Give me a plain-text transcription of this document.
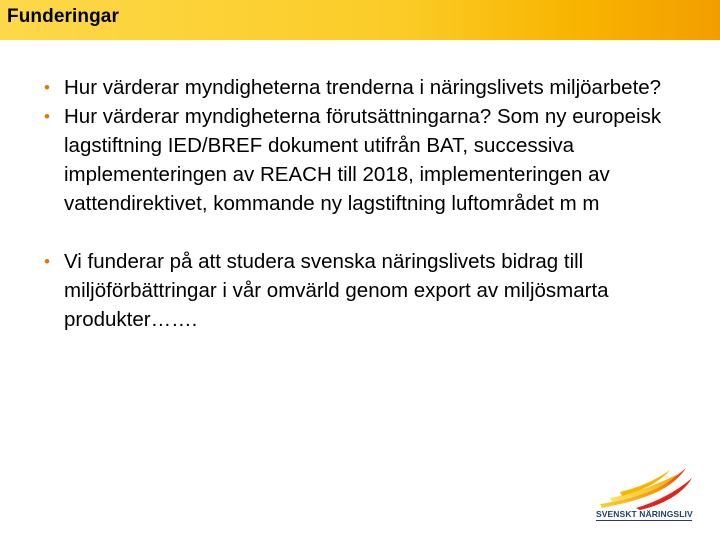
Funderingar
• Hur värderar myndigheterna trenderna i näringslivets miljöarbete?
• Hur värderar myndigheterna förutsättningarna? Som ny europeisk lagstiftning IED/BREF dokument utifrån BAT, successiva implementeringen av REACH till 2018, implementeringen av vattendirektivet, kommande ny lagstiftning luftområdet m m
• Vi funderar på att studera svenska näringslivets bidrag till miljöförbättringar i vår omvärld genom export av miljösmarta produkter…….
SVENSKT NÄRINGSLIV
